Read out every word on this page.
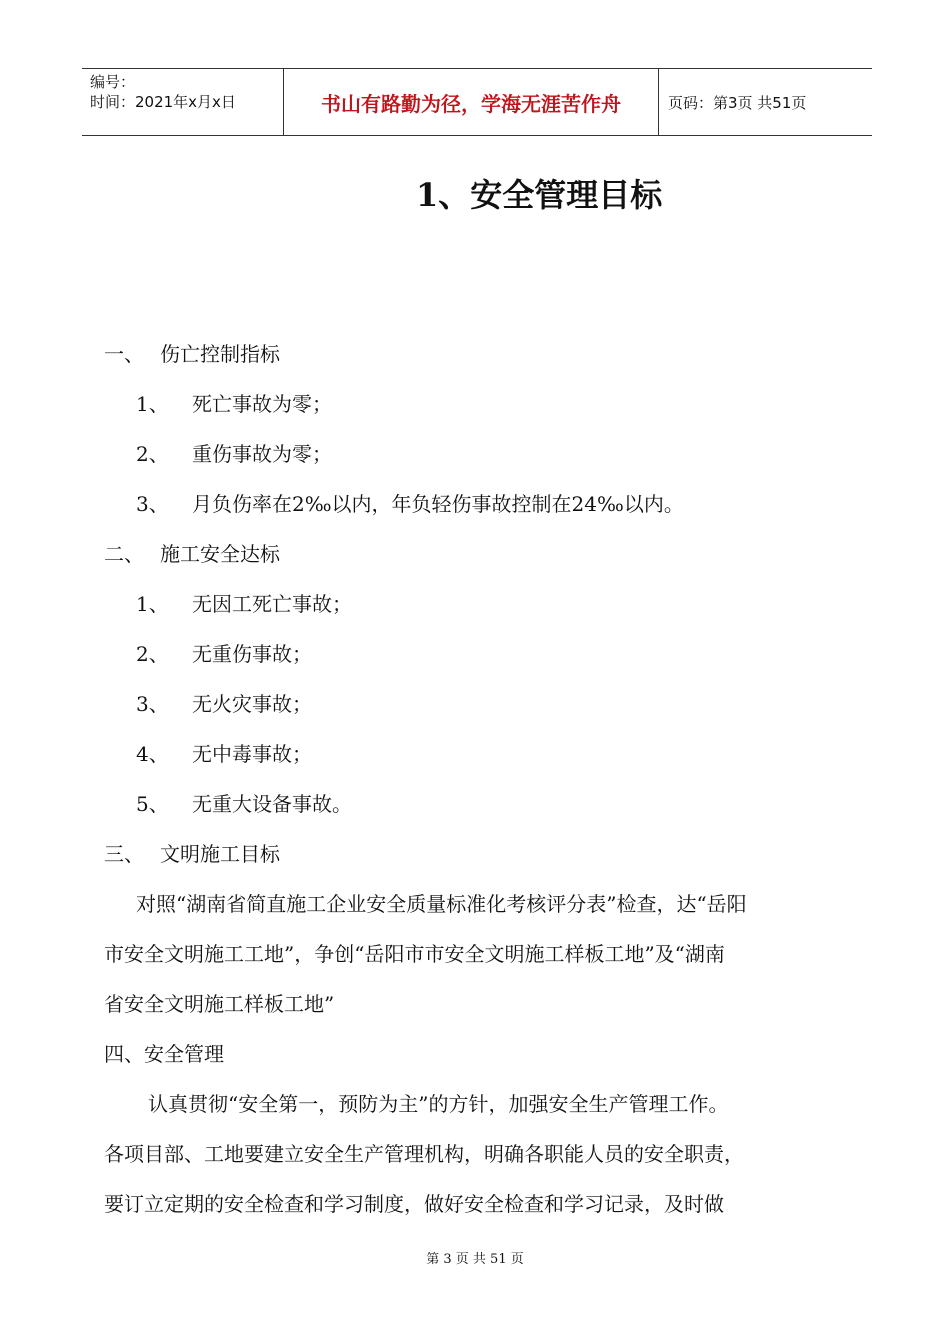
编号：
时间：2021年x月x日	书山有路勤为径，学海无涯苦作舟	页码：第3页 共51页
1、安全管理目标
一、 伤亡控制指标
1、 死亡事故为零；
2、 重伤事故为零；
3、 月负伤率在2‰以内，年负轻伤事故控制在24‰以内。
二、 施工安全达标
1、 无因工死亡事故；
2、 无重伤事故；
3、 无火灾事故；
4、 无中毒事故；
5、 无重大设备事故。
三、 文明施工目标
对照“湖南省简直施工企业安全质量标准化考核评分表”检查，达“岳阳
市安全文明施工工地”，争创“岳阳市市安全文明施工样板工地”及“湖南
省安全文明施工样板工地”
四、安全管理
认真贯彻“安全第一，预防为主”的方针，加强安全生产管理工作。
各项目部、工地要建立安全生产管理机构，明确各职能人员的安全职责，
要订立定期的安全检查和学习制度，做好安全检查和学习记录，及时做
第 3 页 共 51 页
